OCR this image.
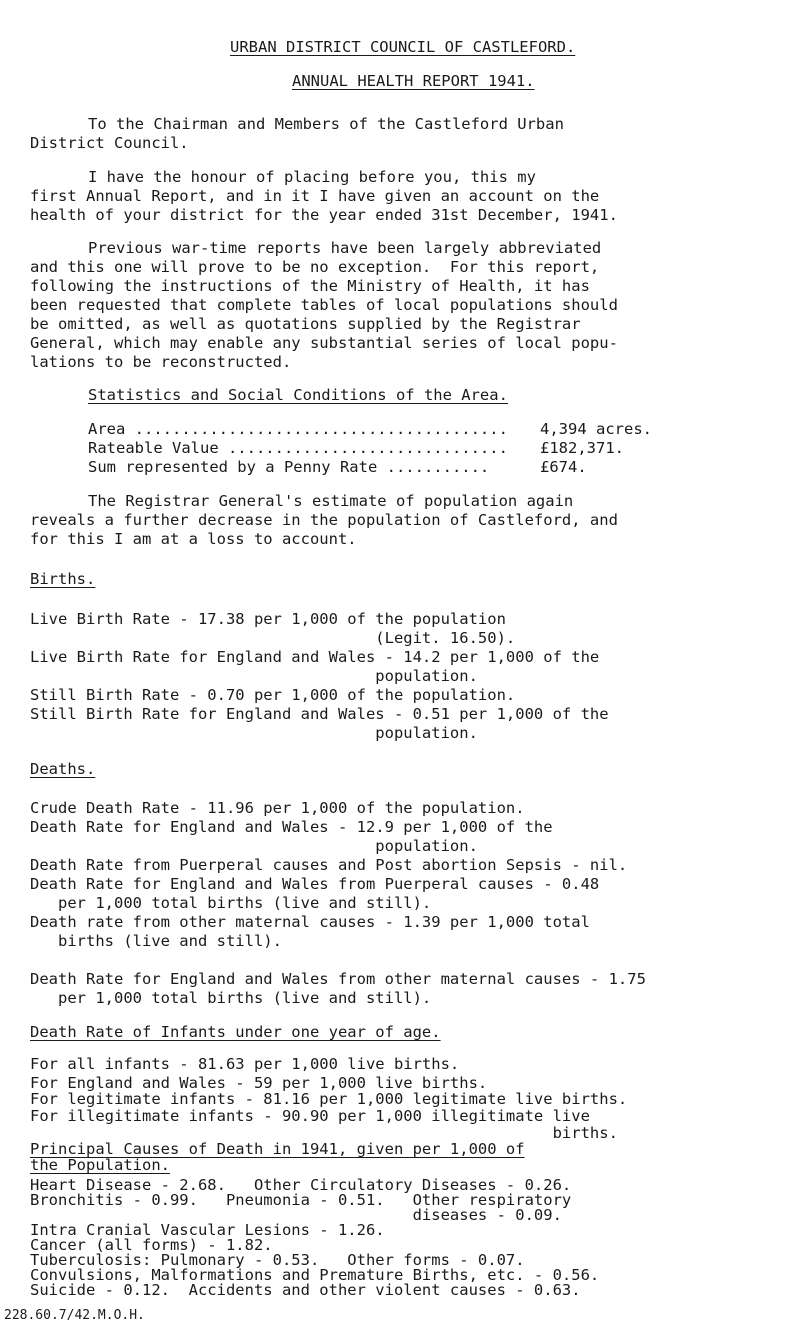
URBAN DISTRICT COUNCIL OF CASTLEFORD.
ANNUAL HEALTH REPORT 1941.
To the Chairman and Members of the Castleford Urban
District Council.
I have the honour of placing before you, this my
first Annual Report, and in it I have given an account on the
health of your district for the year ended 31st December, 1941.
Previous war-time reports have been largely abbreviated
and this one will prove to be no exception.  For this report,
following the instructions of the Ministry of Health, it has
been requested that complete tables of local populations should
be omitted, as well as quotations supplied by the Registrar
General, which may enable any substantial series of local popu-
lations to be reconstructed.
Statistics and Social Conditions of the Area.
Area ........................................ 4,394 acres.
Rateable Value .............................. £182,371.
Sum represented by a Penny Rate ...........	£674.
The Registrar General's estimate of population again
reveals a further decrease in the population of Castleford, and
for this I am at a loss to account.
Births.
Live Birth Rate - 17.38 per 1,000 of the population
(Legit. 16.50).
Live Birth Rate for England and Wales - 14.2 per 1,000 of the
population.
Still Birth Rate - 0.70 per 1,000 of the population.
Still Birth Rate for England and Wales - 0.51 per 1,000 of the
population.
Deaths.
Crude Death Rate - 11.96 per 1,000 of the population.
Death Rate for England and Wales - 12.9 per 1,000 of the
population.
Death Rate from Puerperal causes and Post abortion Sepsis - nil.
Death Rate for England and Wales from Puerperal causes - 0.48
per 1,000 total births (live and still).
Death rate from other maternal causes - 1.39 per 1,000 total
births (live and still).
Death Rate for England and Wales from other maternal causes - 1.75
per 1,000 total births (live and still).
Death Rate of Infants under one year of age.
For all infants - 81.63 per 1,000 live births.
For England and Wales - 59 per 1,000 live births.
For legitimate infants - 81.16 per 1,000 legitimate live births.
For illegitimate infants - 90.90 per 1,000 illegitimate live
births.
Principal Causes of Death in 1941, given per 1,000 of
the Population.
Heart Disease - 2.68.   Other Circulatory Diseases - 0.26.
Bronchitis - 0.99.   Pneumonia - 0.51.   Other respiratory
diseases - 0.09.
Intra Cranial Vascular Lesions - 1.26.
Cancer (all forms) - 1.82.
Tuberculosis: Pulmonary - 0.53.   Other forms - 0.07.
Convulsions, Malformations and Premature Births, etc. - 0.56.
Suicide - 0.12.  Accidents and other violent causes - 0.63.
228.60.7/42.M.O.H.
